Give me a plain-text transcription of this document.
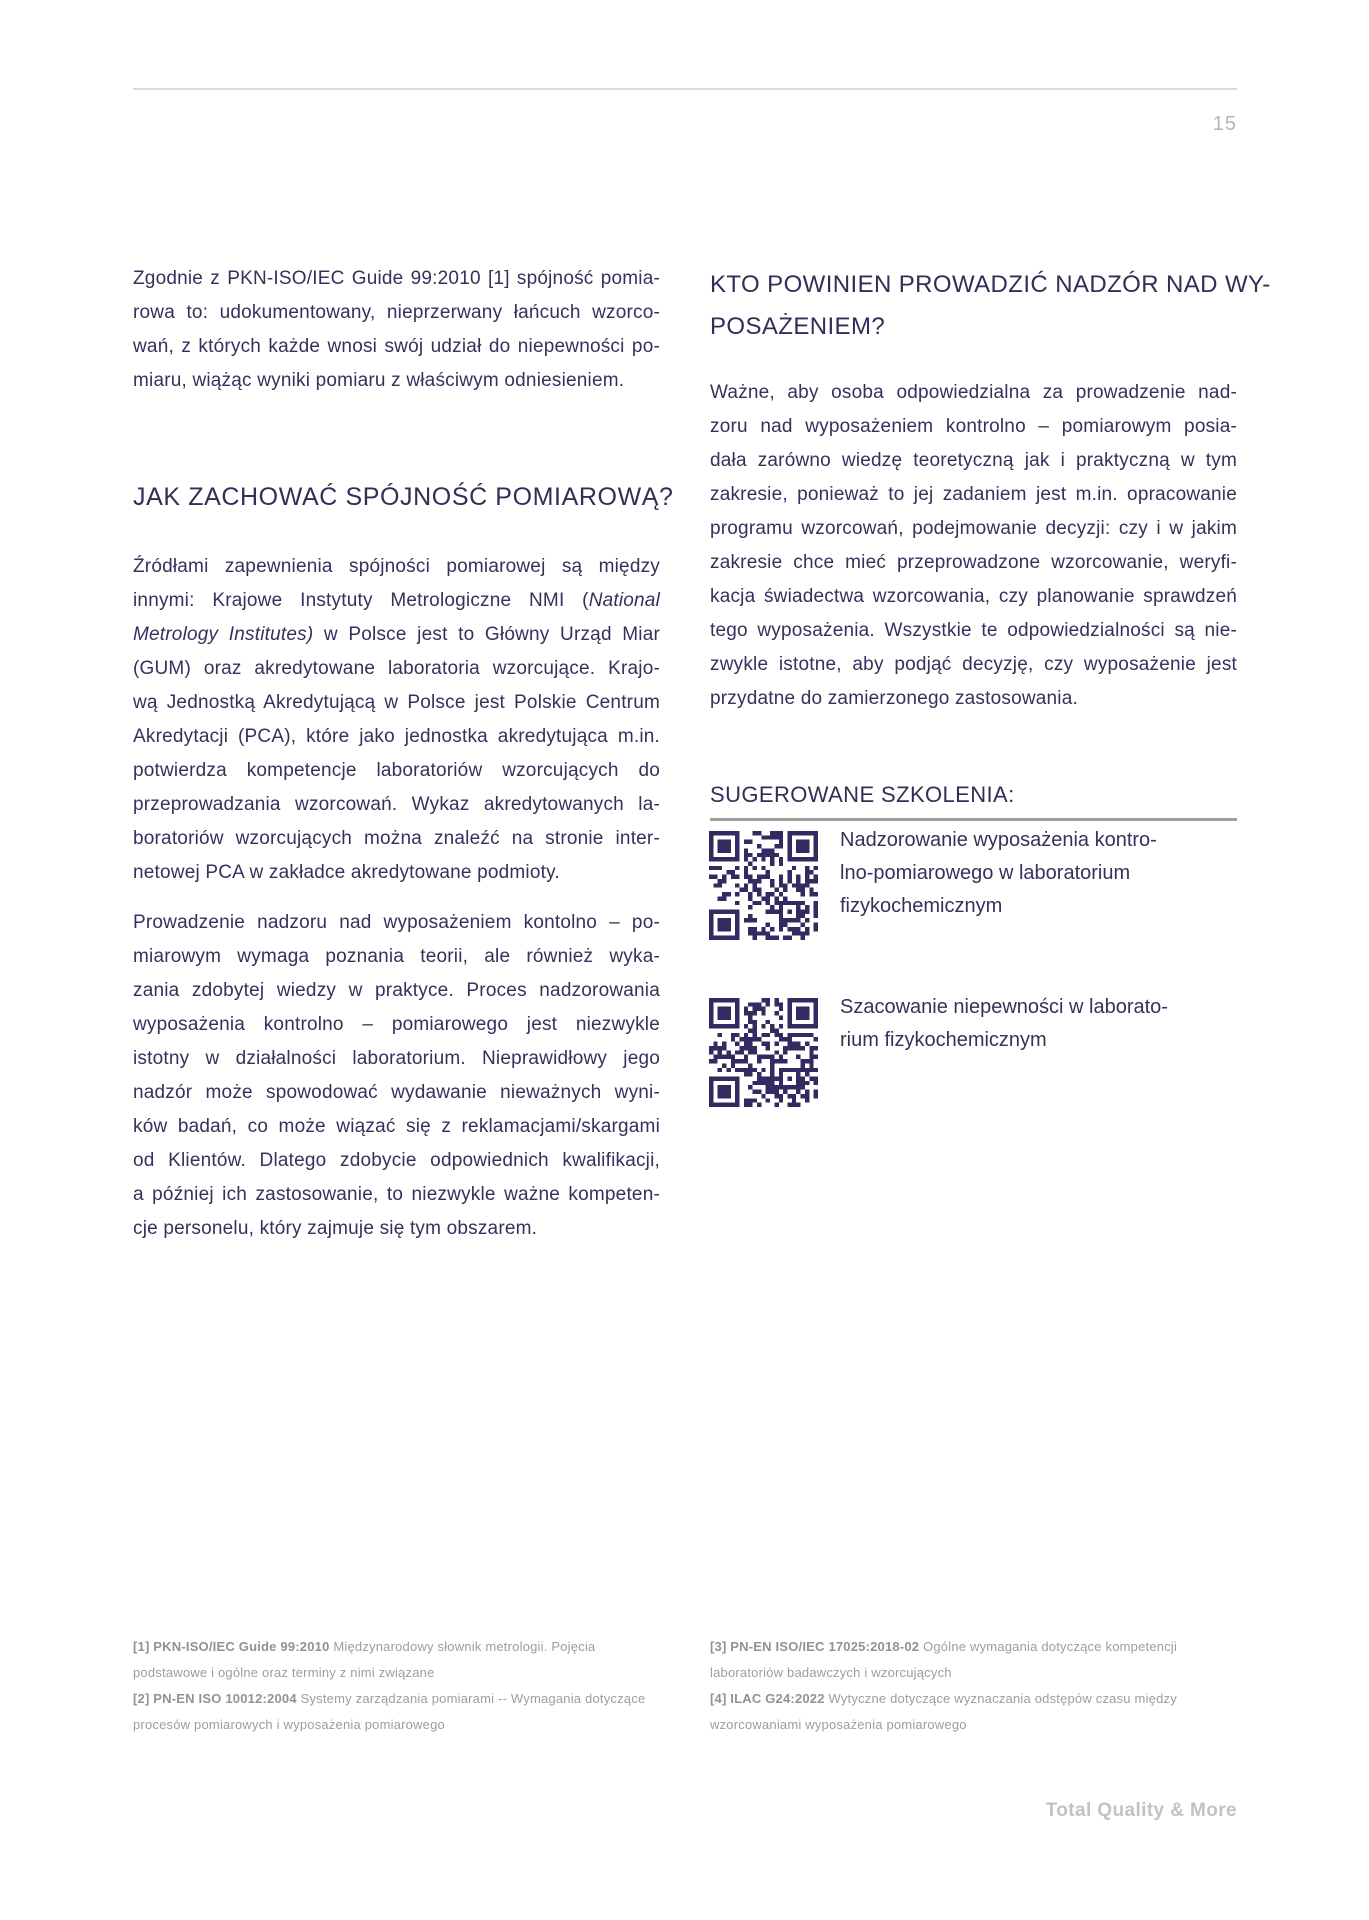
15
Zgodnie z PKN-ISO/IEC Guide 99:2010 [1] spójność pomia-
rowa to: udokumentowany, nieprzerwany łańcuch wzorco-
wań, z których każde wnosi swój udział do niepewności po-
miaru, wiążąc wyniki pomiaru z właściwym odniesieniem.
JAK ZACHOWAĆ SPÓJNOŚĆ POMIAROWĄ?
Źródłami zapewnienia spójności pomiarowej są między
innymi: Krajowe Instytuty Metrologiczne NMI (National
Metrology Institutes) w Polsce jest to Główny Urząd Miar
(GUM) oraz akredytowane laboratoria wzorcujące. Krajo-
wą Jednostką Akredytującą w Polsce jest Polskie Centrum
Akredytacji (PCA), które jako jednostka akredytująca m.in.
potwierdza kompetencje laboratoriów wzorcujących do
przeprowadzania wzorcowań. Wykaz akredytowanych la-
boratoriów wzorcujących można znaleźć na stronie inter-
netowej PCA w zakładce akredytowane podmioty.
Prowadzenie nadzoru nad wyposażeniem kontolno – po-
miarowym wymaga poznania teorii, ale również wyka-
zania zdobytej wiedzy w praktyce. Proces nadzorowania
wyposażenia kontrolno – pomiarowego jest niezwykle
istotny w działalności laboratorium. Nieprawidłowy jego
nadzór może spowodować wydawanie nieważnych wyni-
ków badań, co może wiązać się z reklamacjami/skargami
od Klientów. Dlatego zdobycie odpowiednich kwalifikacji,
a później ich zastosowanie, to niezwykle ważne kompeten-
cje personelu, który zajmuje się tym obszarem.
KTO POWINIEN PROWADZIĆ NADZÓR NAD WY-
POSAŻENIEM?
Ważne, aby osoba odpowiedzialna za prowadzenie nad-
zoru nad wyposażeniem kontrolno – pomiarowym posia-
dała zarówno wiedzę teoretyczną jak i praktyczną w tym
zakresie, ponieważ to jej zadaniem jest m.in. opracowanie
programu wzorcowań, podejmowanie decyzji: czy i w jakim
zakresie chce mieć przeprowadzone wzorcowanie, weryfi-
kacja świadectwa wzorcowania, czy planowanie sprawdzeń
tego wyposażenia. Wszystkie te odpowiedzialności są nie-
zwykle istotne, aby podjąć decyzję, czy wyposażenie jest
przydatne do zamierzonego zastosowania.
SUGEROWANE SZKOLENIA:
Nadzorowanie wyposażenia kontro-
lno-pomiarowego w laboratorium
fizykochemicznym
Szacowanie niepewności w laborato-
rium fizykochemicznym
[1] PKN-ISO/IEC Guide 99:2010 Międzynarodowy słownik metrologii. Pojęcia podstawowe i ogólne oraz terminy z nimi związane
[2] PN-EN ISO 10012:2004 Systemy zarządzania pomiarami -- Wymagania dotyczące procesów pomiarowych i wyposażenia pomiarowego
[3] PN-EN ISO/IEC 17025:2018-02 Ogólne wymagania dotyczące kompetencji laboratoriów badawczych i wzorcujących
[4] ILAC G24:2022 Wytyczne dotyczące wyznaczania odstępów czasu między wzorcowaniami wyposażenia pomiarowego
Total Quality & More
